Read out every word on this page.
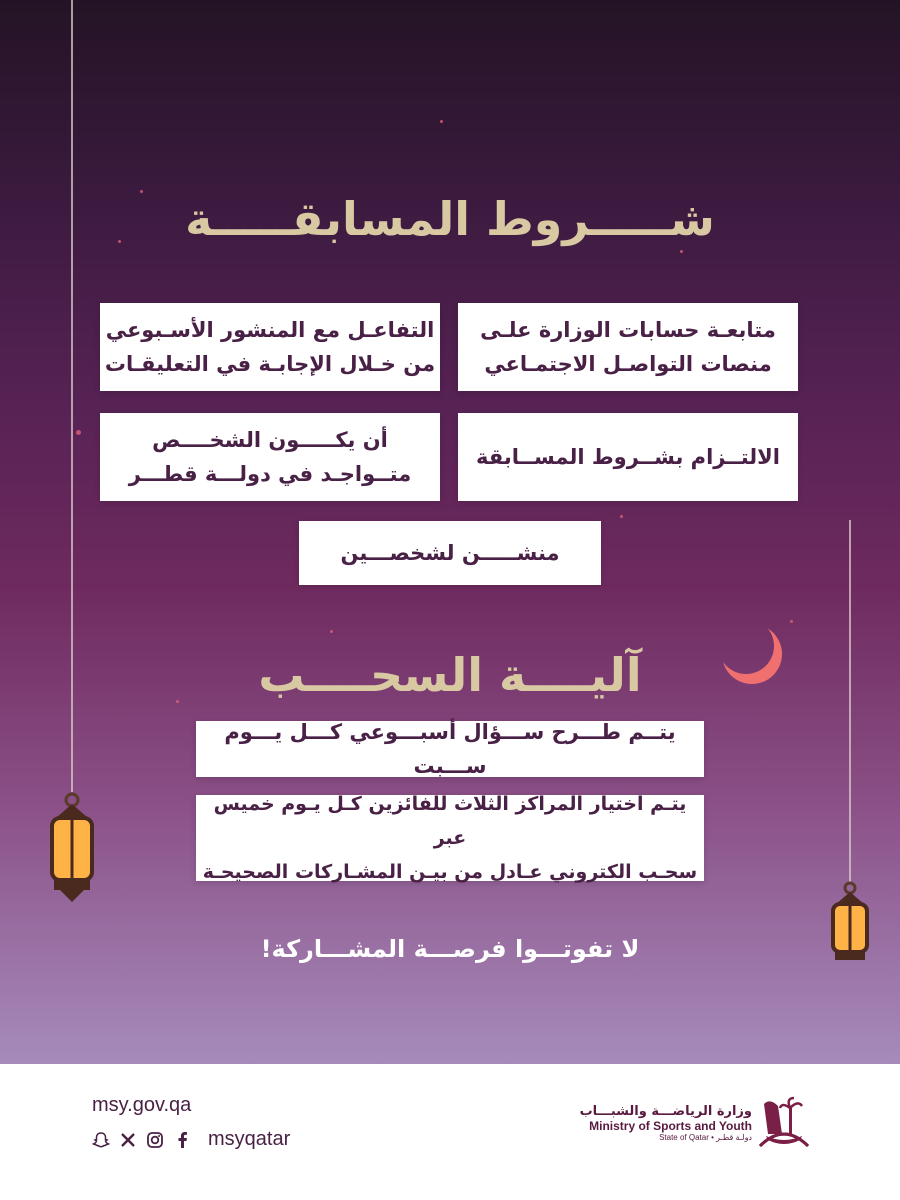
شـــــروط المسابقـــــة
متابعـة حسابات الوزارة علـى
منصات التواصـل الاجتمـاعي
التفاعـل مع المنشور الأسـبوعي
من خـلال الإجابـة في التعليقـات
الالتــزام بشــروط المســابقة
أن يكـــــون الشخــــص
متــواجـد في دولـــة قطـــر
منشـــــن لشخصـــين
آليــــة السحــــب
يتــم طـــرح ســـؤال أسبـــوعي كـــل يـــوم ســـبت
يتـم اختيار المراكز الثلاث للفائزين كـل يـوم خميس عبر
سحـب الكتروني عـادل من بيـن المشـاركات الصحيحـة
لا تفوتـــوا فرصـــة المشـــاركة!
msy.gov.qa
msyqatar
وزارة الرياضـــة والشبـــاب
Ministry of Sports and Youth
State of Qatar • دولـة قطـر
